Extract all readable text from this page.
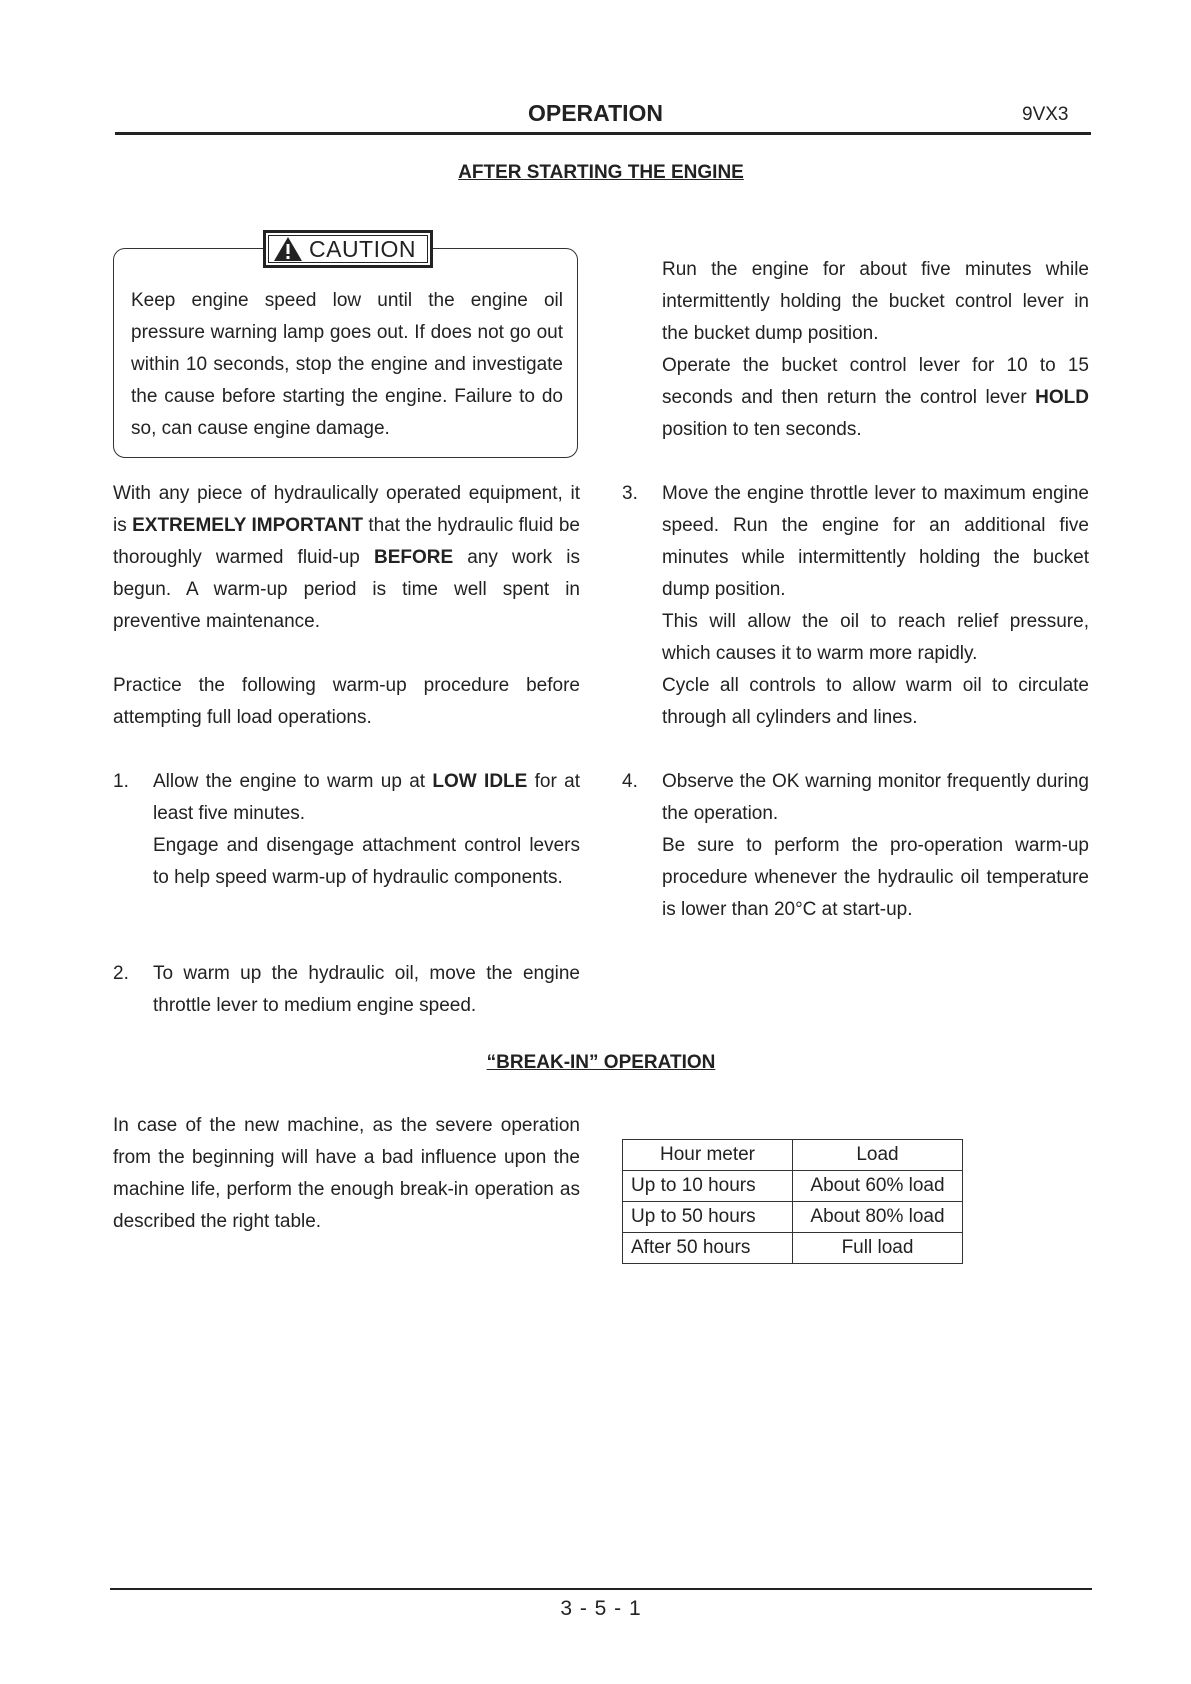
OPERATION	9VX3
AFTER STARTING THE ENGINE
CAUTION
Keep engine speed low until the engine oil pressure warning lamp goes out. If does not go out within 10 seconds, stop the engine and investigate the cause before starting the engine. Failure to do so, can cause engine damage.
With any piece of hydraulically operated equipment, it is EXTREMELY IMPORTANT that the hydraulic fluid be thoroughly warmed fluid-up BEFORE any work is begun. A warm-up period is time well spent in preventive maintenance.
Practice the following warm-up procedure before attempting full load operations.
1. Allow the engine to warm up at LOW IDLE for at least five minutes.
Engage and disengage attachment control levers to help speed warm-up of hydraulic components.
2. To warm up the hydraulic oil, move the engine throttle lever to medium engine speed.
Run the engine for about five minutes while intermittently holding the bucket control lever in the bucket dump position.
Operate the bucket control lever for 10 to 15 seconds and then return the control lever HOLD position to ten seconds.
3. Move the engine throttle lever to maximum engine speed. Run the engine for an additional five minutes while intermittently holding the bucket dump position.
This will allow the oil to reach relief pressure, which causes it to warm more rapidly.
Cycle all controls to allow warm oil to circulate through all cylinders and lines.
4. Observe the OK warning monitor frequently during the operation.
Be sure to perform the pro-operation warm-up procedure whenever the hydraulic oil temperature is lower than 20°C at start-up.
“BREAK-IN” OPERATION
In case of the new machine, as the severe operation from the beginning will have a bad influence upon the machine life, perform the enough break-in operation as described the right table.
Hour meter	Load
Up to 10 hours	About 60% load
Up to 50 hours	About 80% load
After 50 hours	Full load
3 - 5 - 1
